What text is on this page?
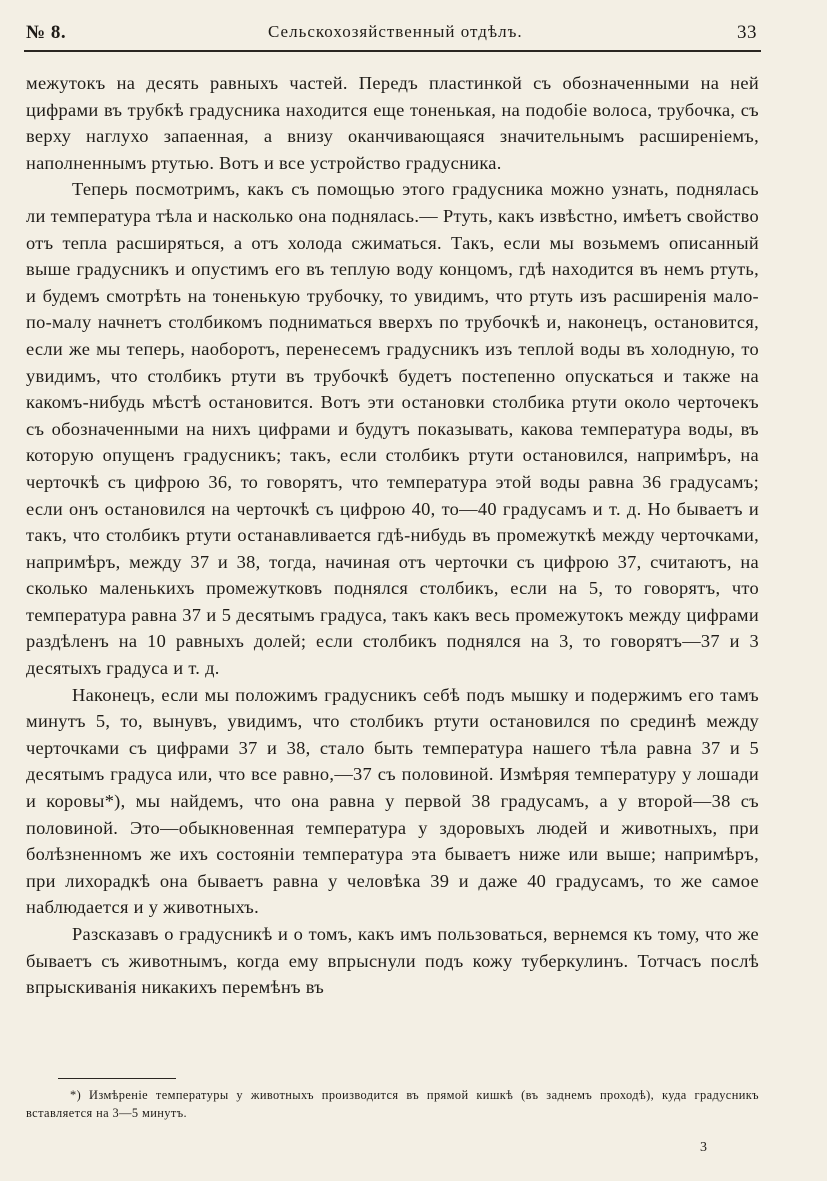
№ 8.	Сельскохозяйственный отдѣлъ.	33

межутокъ на десять равныхъ частей. Передъ пластинкой съ обозначенными на ней цифрами въ трубкѣ градусника находится еще тоненькая, на подобіе волоса, трубочка, съ верху наглухо запаенная, а внизу оканчивающаяся значительнымъ расширеніемъ, наполненнымъ ртутью. Вотъ и все устройство градусника.

Теперь посмотримъ, какъ съ помощью этого градусника можно узнать, поднялась ли температура тѣла и насколько она поднялась.— Ртуть, какъ извѣстно, имѣетъ свойство отъ тепла расширяться, а отъ холода сжиматься. Такъ, если мы возьмемъ описанный выше градусникъ и опустимъ его въ теплую воду концомъ, гдѣ находится въ немъ ртуть, и будемъ смотрѣть на тоненькую трубочку, то увидимъ, что ртуть изъ расширенія мало-по-малу начнетъ столбикомъ подниматься вверхъ по трубочкѣ и, наконецъ, остановится, если же мы теперь, наоборотъ, перенесемъ градусникъ изъ теплой воды въ холодную, то увидимъ, что столбикъ ртути въ трубочкѣ будетъ постепенно опускаться и также на какомъ-нибудь мѣстѣ остановится. Вотъ эти остановки столбика ртути около черточекъ съ обозначенными на нихъ цифрами и будутъ показывать, какова температура воды, въ которую опущенъ градусникъ; такъ, если столбикъ ртути остановился, напримѣръ, на черточкѣ съ цифрою 36, то говорятъ, что температура этой воды равна 36 градусамъ; если онъ остановился на черточкѣ съ цифрою 40, то—40 градусамъ и т. д. Но бываетъ и такъ, что столбикъ ртути останавливается гдѣ-нибудь въ промежуткѣ между черточками, напримѣръ, между 37 и 38, тогда, начиная отъ черточки съ цифрою 37, считаютъ, на сколько маленькихъ промежутковъ поднялся столбикъ, если на 5, то говорятъ, что температура равна 37 и 5 десятымъ градуса, такъ какъ весь промежутокъ между цифрами раздѣленъ на 10 равныхъ долей; если столбикъ поднялся на 3, то говорятъ—37 и 3 десятыхъ градуса и т. д.

Наконецъ, если мы положимъ градусникъ себѣ подъ мышку и подержимъ его тамъ минутъ 5, то, вынувъ, увидимъ, что столбикъ ртути остановился по срединѣ между черточками съ цифрами 37 и 38, стало быть температура нашего тѣла равна 37 и 5 десятымъ градуса или, что все равно,—37 съ половиной. Измѣряя температуру у лошади и коровы*), мы найдемъ, что она равна у первой 38 градусамъ, а у второй—38 съ половиной. Это—обыкновенная температура у здоровыхъ людей и животныхъ, при болѣзненномъ же ихъ состояніи температура эта бываетъ ниже или выше; напримѣръ, при лихорадкѣ она бываетъ равна у человѣка 39 и даже 40 градусамъ, то же самое наблюдается и у животныхъ.

Разсказавъ о градусникѣ и о томъ, какъ имъ пользоваться, вернемся къ тому, что же бываетъ съ животнымъ, когда ему впрыснули подъ кожу туберкулинъ. Тотчасъ послѣ впрыскиванія никакихъ перемѣнъ въ

*) Измѣреніе температуры у животныхъ производится въ прямой кишкѣ (въ заднемъ проходѣ), куда градусникъ вставляется на 3—5 минутъ.
3
